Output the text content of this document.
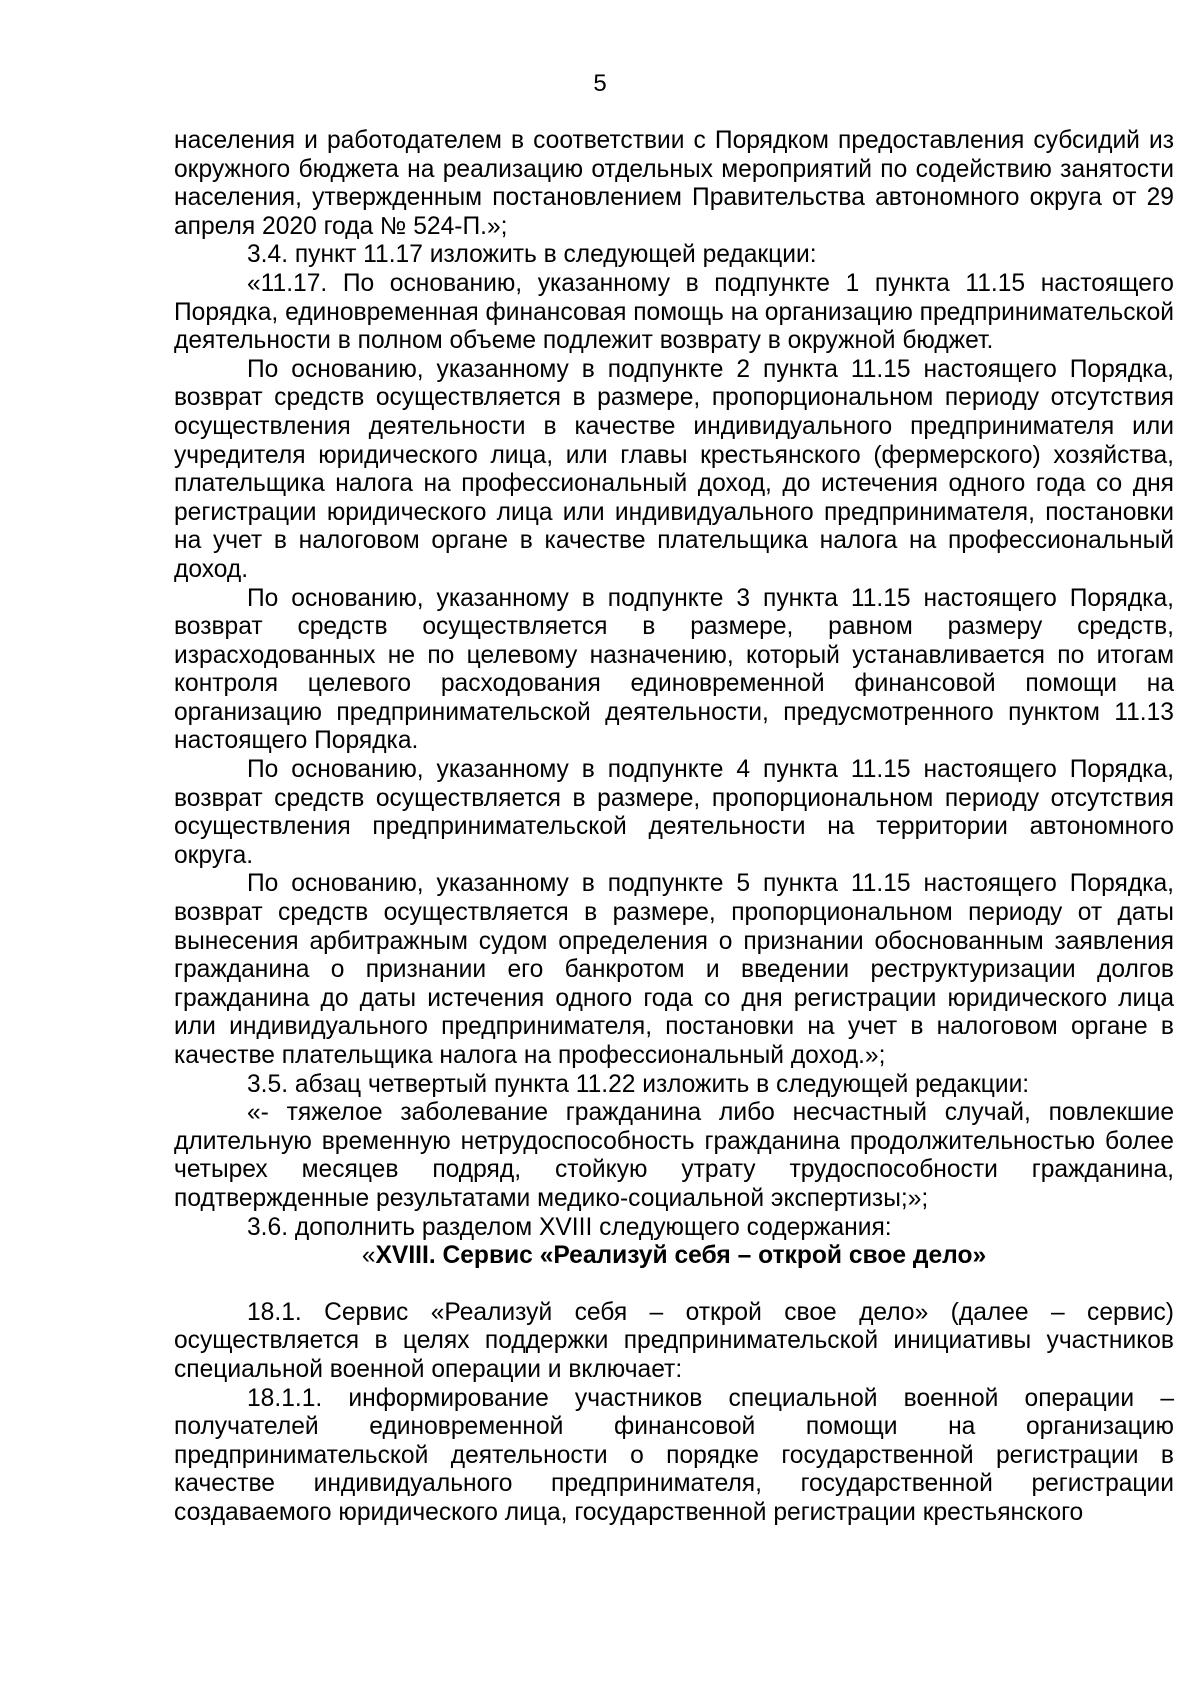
5

населения и работодателем в соответствии с Порядком предоставления субсидий из окружного бюджета на реализацию отдельных мероприятий по содействию занятости населения, утвержденным постановлением Правительства автономного округа от 29 апреля 2020 года № 524-П.»;

3.4. пункт 11.17 изложить в следующей редакции:

«11.17. По основанию, указанному в подпункте 1 пункта 11.15 настоящего Порядка, единовременная финансовая помощь на организацию предпринимательской деятельности в полном объеме подлежит возврату в окружной бюджет.

По основанию, указанному в подпункте 2 пункта 11.15 настоящего Порядка, возврат средств осуществляется в размере, пропорциональном периоду отсутствия осуществления деятельности в качестве индивидуального предпринимателя или учредителя юридического лица, или главы крестьянского (фермерского) хозяйства, плательщика налога на профессиональный доход, до истечения одного года со дня регистрации юридического лица или индивидуального предпринимателя, постановки на учет в налоговом органе в качестве плательщика налога на профессиональный доход.

По основанию, указанному в подпункте 3 пункта 11.15 настоящего Порядка, возврат средств осуществляется в размере, равном размеру средств, израсходованных не по целевому назначению, который устанавливается по итогам контроля целевого расходования единовременной финансовой помощи на организацию предпринимательской деятельности, предусмотренного пунктом 11.13 настоящего Порядка.

По основанию, указанному в подпункте 4 пункта 11.15 настоящего Порядка, возврат средств осуществляется в размере, пропорциональном периоду отсутствия осуществления предпринимательской деятельности на территории автономного округа.

По основанию, указанному в подпункте 5 пункта 11.15 настоящего Порядка, возврат средств осуществляется в размере, пропорциональном периоду от даты вынесения арбитражным судом определения о признании обоснованным заявления гражданина о признании его банкротом и введении реструктуризации долгов гражданина до даты истечения одного года со дня регистрации юридического лица или индивидуального предпринимателя, постановки на учет в налоговом органе в качестве плательщика налога на профессиональный доход.»;

3.5. абзац четвертый пункта 11.22 изложить в следующей редакции:

«- тяжелое заболевание гражданина либо несчастный случай, повлекшие длительную временную нетрудоспособность гражданина продолжительностью более четырех месяцев подряд, стойкую утрату трудоспособности гражданина, подтвержденные результатами медико-социальной экспертизы;»;

3.6. дополнить разделом XVIII следующего содержания:

«XVIII. Сервис «Реализуй себя – открой свое дело»

18.1. Сервис «Реализуй себя – открой свое дело» (далее – сервис) осуществляется в целях поддержки предпринимательской инициативы участников специальной военной операции и включает:

18.1.1. информирование участников специальной военной операции – получателей единовременной финансовой помощи на организацию предпринимательской деятельности о порядке государственной регистрации в качестве индивидуального предпринимателя, государственной регистрации создаваемого юридического лица, государственной регистрации крестьянского
